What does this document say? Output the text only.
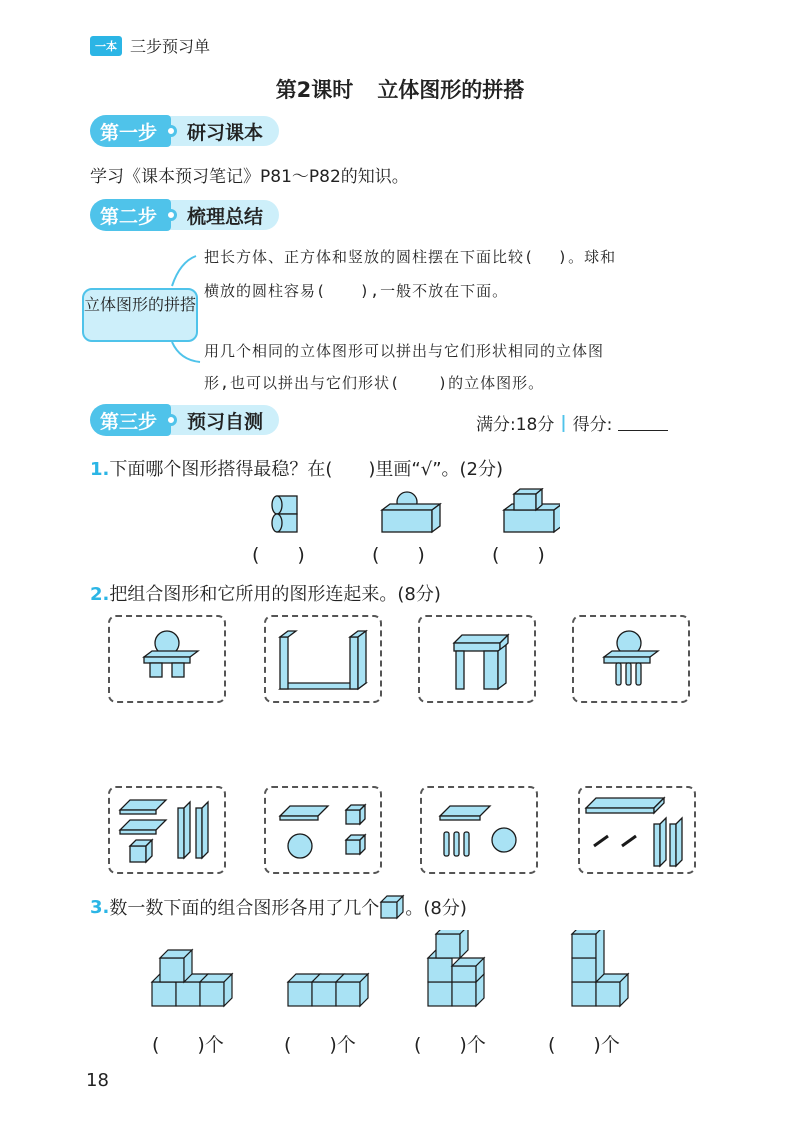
一本 三步预习单
第2课时 立体图形的拼搭
第一步	研习课本
学习《课本预习笔记》P81～P82的知识。
第二步	梳理总结
立体图形的拼搭
把长方体、正方体和竖放的圆柱摆在下面比较( )。球和
横放的圆柱容易( ),一般不放在下面。
用几个相同的立体图形可以拼出与它们形状相同的立体图
形,也可以拼出与它们形状(	)的立体图形。
第三步	预习自测	满分:18分 | 得分:
1.下面哪个图形搭得最稳？在(　　)里画“√”。(2分)
(　　)	(　　)	(　　)
2.把组合图形和它所用的图形连起来。(8分)
3. 数一数下面的组合图形各用了几个 。(8分)
(　　)个	(　　)个	(　　)个	(　　)个
18
